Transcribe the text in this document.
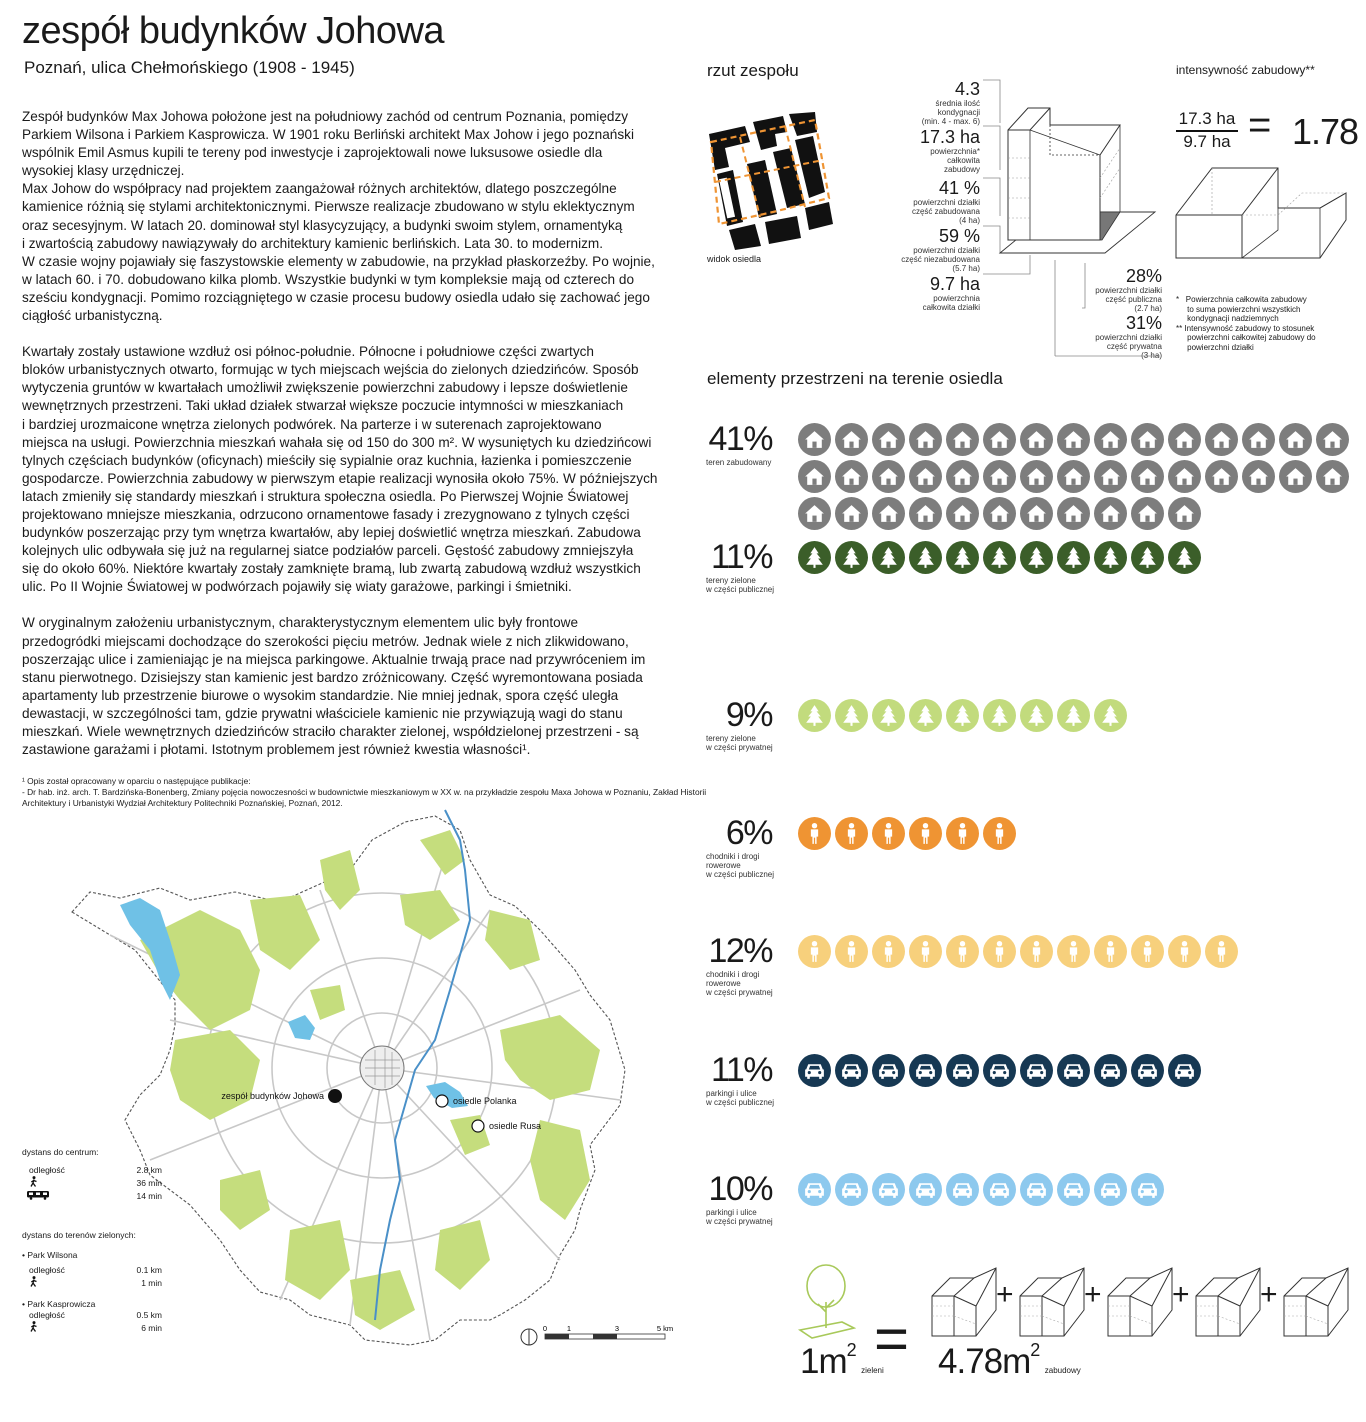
zespół budynków Johowa
Poznań, ulica Chełmońskiego (1908 - 1945)

Zespół budynków Max Johowa położone jest na południowy zachód od centrum Poznania, pomiędzy
Parkiem Wilsona i Parkiem Kasprowicza. W 1901 roku Berliński architekt Max Johow i jego poznański
wspólnik Emil Asmus kupili te tereny pod inwestycje i zaprojektowali nowe luksusowe osiedle dla
wysokiej klasy urzędniczej.
Max Johow do współpracy nad projektem zaangażował różnych architektów, dlatego poszczególne
kamienice różnią się stylami architektonicznymi. Pierwsze realizacje zbudowano w stylu eklektycznym
oraz secesyjnym. W latach 20. dominował styl klasycyzujący, a budynki swoim stylem, ornamentyką
i zwartością zabudowy nawiązywały do architektury kamienic berlińskich. Lata 30. to modernizm.
W czasie wojny pojawiały się faszystowskie elementy w zabudowie, na przykład płaskorzeźby. Po wojnie,
w latach 60. i 70. dobudowano kilka plomb. Wszystkie budynki w tym kompleksie mają od czterech do
sześciu kondygnacji. Pomimo rozciągniętego w czasie procesu budowy osiedla udało się zachować jego
ciągłość urbanistyczną.

Kwartały zostały ustawione wzdłuż osi północ-południe. Północne i południowe części zwartych
bloków urbanistycznych otwarto, formując w tych miejscach wejścia do zielonych dziedzińców. Sposób
wytyczenia gruntów w kwartałach umożliwił zwiększenie powierzchni zabudowy i lepsze doświetlenie
wewnętrznych przestrzeni. Taki układ działek stwarzał większe poczucie intymności w mieszkaniach
i bardziej urozmaicone wnętrza zielonych podwórek. Na parterze i w suterenach zaprojektowano
miejsca na usługi. Powierzchnia mieszkań wahała się od 150 do 300 m². W wysuniętych ku dziedzińcowi
tylnych częściach budynków (oficynach) mieściły się sypialnie oraz kuchnia, łazienka i pomieszczenie
gospodarcze. Powierzchnia zabudowy w pierwszym etapie realizacji wynosiła około 75%. W późniejszych
latach zmieniły się standardy mieszkań i struktura społeczna osiedla. Po Pierwszej Wojnie Światowej
projektowano mniejsze mieszkania, odrzucono ornamentowe fasady i zrezygnowano z tylnych części
budynków poszerzając przy tym wnętrza kwartałów, aby lepiej doświetlić wnętrza mieszkań. Zabudowa
kolejnych ulic odbywała się już na regularnej siatce podziałów parceli. Gęstość zabudowy zmniejszyła
się do około 60%. Niektóre kwartały zostały zamknięte bramą, lub zwartą zabudową wzdłuż wszystkich
ulic. Po II Wojnie Światowej w podwórzach pojawiły się wiaty garażowe, parkingi i śmietniki.

W oryginalnym założeniu urbanistycznym, charakterystycznym elementem ulic były frontowe
przedogródki miejscami dochodzące do szerokości pięciu metrów. Jednak wiele z nich zlikwidowano,
poszerzając ulice i zamieniając je na miejsca parkingowe. Aktualnie trwają prace nad przywróceniem im
stanu pierwotnego. Dzisiejszy stan kamienic jest bardzo zróżnicowany. Część wyremontowana posiada
apartamenty lub przestrzenie biurowe o wysokim standardzie. Nie mniej jednak, spora część uległa
dewastacji, w szczególności tam, gdzie prywatni właściciele kamienic nie przywiązują wagi do stanu
mieszkań. Wiele wewnętrznych dziedzińców straciło charakter zielonej, współdzielonej przestrzeni - są
zastawione garażami i płotami. Istotnym problemem jest również kwestia własności¹.

¹ Opis został opracowany w oparciu o następujące publikacje:
- Dr hab. inż. arch. T. Bardzińska-Bonenberg, Zmiany pojęcia nowoczesności w budownictwie mieszkaniowym w XX w. na przykładzie zespołu Maxa Johowa w Poznaniu, Zakład Historii
Architektury i Urbanistyki Wydział Architektury Politechniki Poznańskiej, Poznań, 2012.
zespół budynków Johowa	osiedle Polanka
osiedle Rusa
0	1	3	5 km
dystans do centrum:
odległość	2.8 km
36 min
14 min
dystans do terenów zielonych:
• Park Wilsona
odległość	0.1 km
1 min
• Park Kasprowicza
odległość	0.5 km
6 min
rzut zespołu
widok osiedla
4.3
średnia ilość
kondygnacji
(min. 4 - max. 6)
17.3 ha
powierzchnia*
całkowita
zabudowy
41 %
powierzchni działki
część zabudowana
(4 ha)
59 %
powierzchni działki
część niezabudowana
(5.7 ha)
9.7 ha
powierzchnia
całkowita działki
28%
powierzchni działki
część publiczna
(2.7 ha)
31%
powierzchni działki
część prywatna
(3 ha)
intensywność zabudowy**
17.3 ha
9.7 ha = 1.78
*   Powierzchnia całkowita zabudowy
to suma powierzchni wszystkich
kondygnacji nadziemnych
** Intensywność zabudowy to stosunek
powierzchni całkowitej zabudowy do
powierzchni działki
elementy przestrzeni na terenie osiedla
41%
teren zabudowany
11%
tereny zielone
w części publicznej
9%
tereny zielone
w części prywatnej
6%
chodniki i drogi
rowerowe
w części publicznej
12%
chodniki i drogi
rowerowe
w części prywatnej
11%
parkingi i ulice
w części publicznej
10%
parkingi i ulice
w części prywatnej
$1m^2$ zieleni
= $4.78m^2$ zabudowy
+ + + +
